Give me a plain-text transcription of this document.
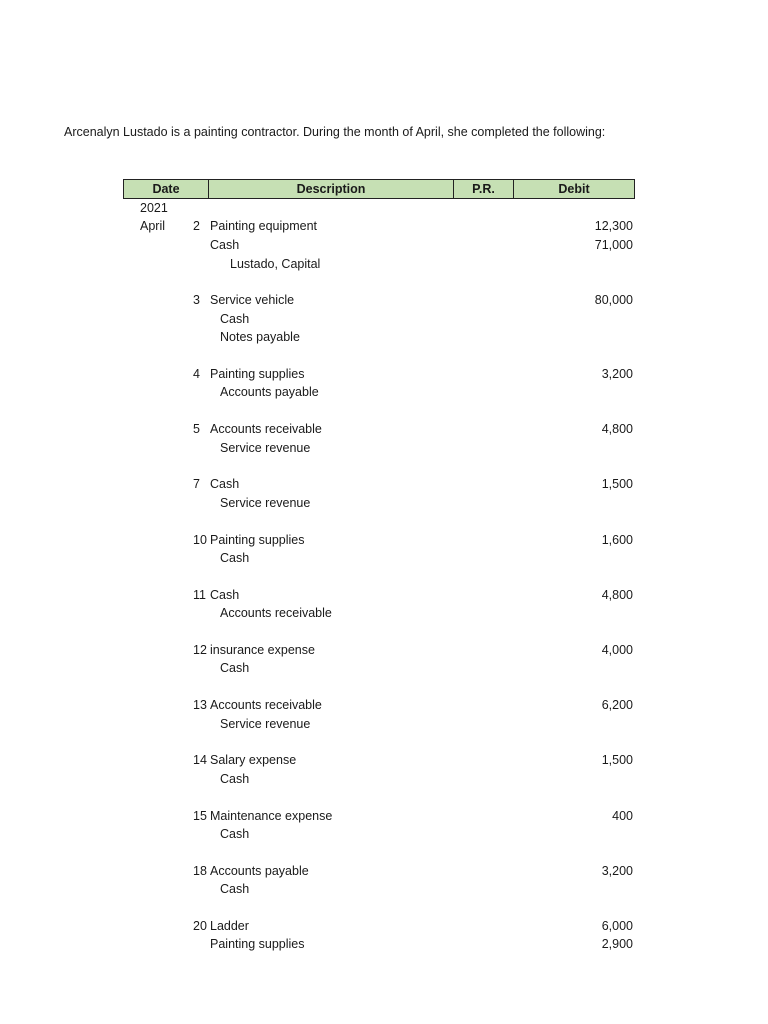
Arcenalyn Lustado is a painting contractor. During the month of April, she completed the following:
Date	Description	P.R.	Debit
2021
April 2 Painting equipment	12,300
Cash	71,000
Lustado, Capital
3 Service vehicle	80,000
Cash
Notes payable
4 Painting supplies	3,200
Accounts payable
5 Accounts receivable	4,800
Service revenue
7 Cash	1,500
Service revenue
10 Painting supplies	1,600
Cash
11 Cash	4,800
Accounts receivable
12 insurance expense	4,000
Cash
13 Accounts receivable	6,200
Service revenue
14 Salary expense	1,500
Cash
15 Maintenance expense	400
Cash
18 Accounts payable	3,200
Cash
20 Ladder	6,000
Painting supplies	2,900
